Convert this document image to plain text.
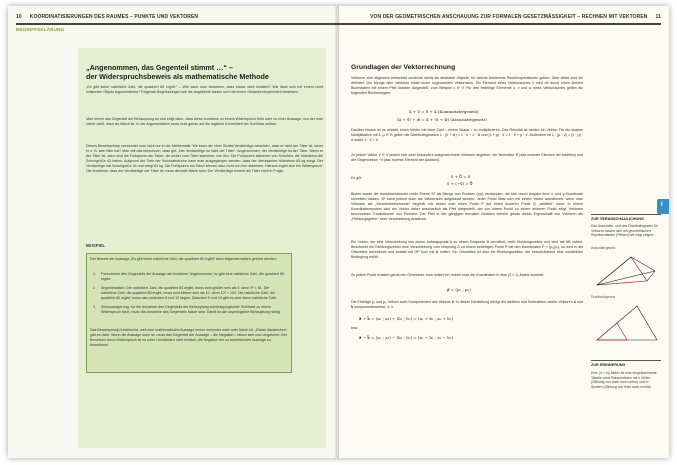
10 KOORDINATISIERUNGEN DES RAUMES – PUNKTE UND VEKTOREN
BEGRIFFSKLÄRUNG
„Angenommen, das Gegenteil stimmt …“ –
der Widerspruchsbeweis als mathematische Methode
„Es gibt keine natürliche Zahl, die quadriert 85 ergibt.“ – Wie kann man beweisen, dass etwas nicht existiert? Wie lässt sich mit einem nicht existenten Objekt argumentieren? Folgende Begründungen wie die angeführte lassen sich mit einem Gedankenexperiment beweisen:
Man nimmt das Gegenteil der Behauptung an und zeigt dann, dass diese Annahme zu einem Widerspruch führt oder zu einer Aussage, von der man sicher weiß, dass sie falsch ist. In der Argumentation muss man genau auf die logische Korrektheit der Schlüsse achten.
Dieses Beweisprinzip verwendet man nicht nur in der Mathematik: Wir kann der einer Strafat Verdächtige beweisen, dass er nicht der Täter ist, wenn er z. B. kein Alibi hat? Man will das berechnen, dass gilt: „Der Verdächtige ist nicht der Täter“. Angenommen, der Verdächtige ist der Täter. Wenn er der Täter ist, dann sind die Fußspuren am Tatort, die sicher vom Täter stammen, von ihm. Die Fußspuren stammen von Schuhen, die höchstens die Schuhgröße 43 haben. Aufgrund der Tiefe der Schuhabdrücke kann man ausgegangen werden, dass der Verursacher höchstens 65 kg wiegt. Der Verdächtige hat Schuhgröße 44 und wiegt 83 kg. Die Fußspuren am Tatort können also nicht von ihm stammen. Hieraus ergibt sich ein Widerspruch. Die Annahme, dass der Verdächtige der Täter ist, muss deshalb falsch sein: Der Verdächtige kommt als Täter nicht in Frage.
BEISPIEL
Der Beweis der Aussage „Es gibt keine natürliche Zahl, die quadriert 85 ergibt“ kann folgendermaßen geführt werden:
1. Formulieren des Gegenteils der Aussage als Annahme: Angenommen, es gibt eine natürliche Zahl, die quadriert 85 ergibt.
2. Argumentation: Die natürliche Zahl, die quadriert 85 ergibt, muss echt größer sein als 9, denn 9² = 81. Die natürliche Zahl, die quadriert 85 ergibt, muss echt kleiner sein als 10, denn 10² = 100. Die natürliche Zahl, die quadriert 85 ergibt, muss also zwischen 9 und 10 liegen. Zwischen 9 und 10 gibt es aber keine natürliche Zahl.
3. Schlussfolgerung: Da die Annahme des Gegenteils der Behauptung schlüssig logischer Schlüsse zu einem Widerspruch führt, muss die Annahme des Gegenteils falsch sein. Damit ist die ursprüngliche Behauptung richtig.
Das Beweisprinzip funktioniert, weil eine mathematische Aussage immer entweder wahr oder falsch ist. „Etwas dazwischen“ gibt es nicht. Wenn die Aussage wahr ist, muss das Gegenteil der Aussage – die Negation – falsch sein und umgekehrt. Bei Beweisen durch Widerspruch ist es unter Umständen nicht einfach, die Negation der zu beweisenden Aussage zu formulieren.
VON DER GEOMETRISCHEN ANSCHAUUNG ZUR FORMALEN GESETZMÄSSIGKEIT – RECHNEN MIT VEKTOREN 11
Grundlagen der Vektorrechnung
Vektoren sind allgemein betrachtet zunächst nichts als abstrakte Objekte, für welche bestimmte Rechenoperationen gelten: Über diese sind sie definiert. Die Menge aller Vektoren bildet einen sogenannten Vektorraum. Ein Element eines Vektorraumes V wird oft durch einen kleinen Buchstaben mit einem Pfeil darüber dargestellt, zum Beispiel v ∈ V. Für drei beliebige Elemente u, v und w eines Vektorraumes gelten die folgenden Rechenregeln:
u⃗ + v⃗ = v⃗ + u⃗ (Kommutativgesetz)
(u⃗ + v⃗) + w⃗ = u⃗ + (v⃗ + w⃗) (Assoziativgesetz)
Darüber hinaus ist es erlaubt, einen Vektor mit einer Zahl – einem Skalar – zu multiplizieren. Das Resultat ist wieder ein Vektor. Für die skalare Multiplikation mit λ, μ ∈ ℝ gelten die Distributivgesetze λ · (v⃗ + w⃗) = λ · v⃗ + λ · w⃗ und (λ + μ) · v⃗ = λ · v⃗ + μ · v⃗. Außerdem ist λ · (μ · v⃗) = (λ · μ) · v⃗ sowie 1 · v⃗ = v⃗.
Zu jedem Vektor v⃗ ∈ V lassen sich zwei besonders ausgezeichnete Vektoren angeben, der Nullvektor 0⃗ (das neutrale Element der Addition) und der Gegenvektor −v⃗ (das inverse Element der Addition).
Es gilt:	v⃗ + 0⃗ = v⃗
v⃗ + (−v⃗) = 0⃗
Bisher wurde die zweidimensionale reelle Ebene ℝ² als Menge von Punkten (x|y) verstanden, die sich durch Angabe ihrer x- und y-Koordinate schreiben lassen. ℝ² kann jedoch auch als Vektorraum aufgefasst werden: Jeder Punkt lässt sich mit einem Vektor assoziieren, wenn man Vektoren als „Verschiebeelemente“ begreift, mit denen man einen Punkt P auf einen anderen Punkt Q „abbildet“ kann. In einem Koordinatensystem wird ein Vektor daher anschaulich als Pfeil dargestellt, der von einem Punkt zu einem anderen Punkt zeigt. Vektoren beschreiben Translationen von Punkten. Der Pfeil in der gängigen formalen Notation verleiht genau dieser Eigenschaft von Vektoren als „Richtungsgeber“ einer Verschiebung Ausdruck.
Ein Vektor, der eine Verschiebung von einem Anfangspunkt A zu einem Endpunkt B vermittelt, heißt Richtungsvektor und wird mit AB notiert. Beschreibt ein Richtungsvektor eine Verschiebung vom Ursprung O zu einem beliebigen Punkt P mit den Koordinaten P = (p₁|p₂), so wird er als Ortsvektor bezeichnet und anstatt mit OP kurz mit p⃗ notiert. Ein Ortsvektor ist also ein Richtungsvektor, der einschränkend eine zusätzliche Bedingung erfüllt.
Zu jedem Punkt existiert genau ein Ortsvektor, man notiert ihn, indem man die Koordinaten in eine (2 × 1)-Matrix schreibt:
p⃗ = (p₁ ; p₂)
Die Einträge p₁ und p₂ heißen auch Komponenten des Vektors p⃗. In dieser Darstellung erfolgt die Addition und Subtraktion zweier Vektoren a⃗ und b⃗ komponentenweise, d. h.
a⃗ + b⃗ = (a₁ ; a₂) + (b₁ ; b₂) = (a₁ + b₁ ; a₂ + b₂)
bzw.
a⃗ − b⃗ = (a₁ ; a₂) − (b₁ ; b₂) = (a₁ − b₁ ; a₂ − b₂)
I
ZUR VERANSCHAULICHUNG
Das Assoziativ- und das Distributivgesetz für Vektoren lassen sich mit geometrischen Repräsentanten (Pfeilen) wie folgt zeigen:
Assoziativgesetz
Distributivgesetz
ZUR ERINNERUNG
Eine (n × m)-Matrix ist eine eingeklammerte Tabelle ohne Rahmenlinien mit n Zeilen (Zählung von oben nach unten) und m Spalten (Zählung von links nach rechts).
